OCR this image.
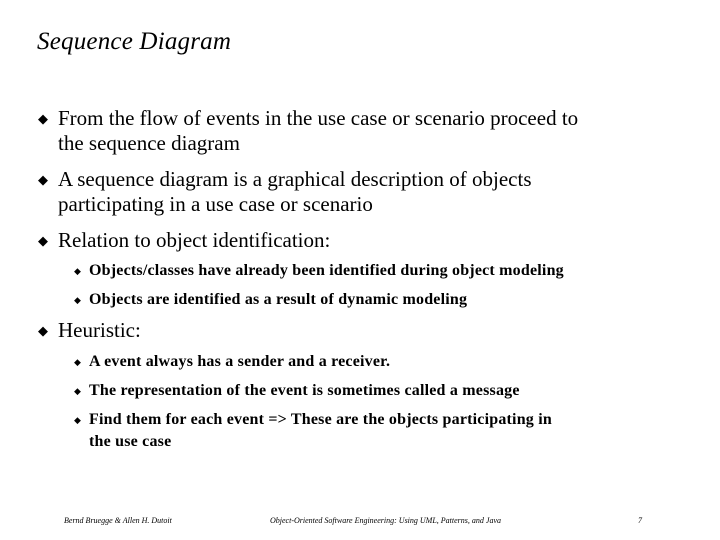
Sequence Diagram
◆ From the flow of events in the use case or scenario proceed to
the sequence diagram
◆ A sequence diagram is a graphical description of objects
participating in a use case or scenario
◆ Relation to object identification:
◆ Objects/classes have already been identified during object modeling
◆ Objects are identified as a result of dynamic modeling
◆ Heuristic:
◆ A event always has a sender and a receiver.
◆ The representation of the event is sometimes called a message
◆ Find them for each event => These are the objects participating in
the use case
Bernd Bruegge & Allen H. Dutoit	Object-Oriented Software Engineering: Using UML, Patterns, and Java	7
